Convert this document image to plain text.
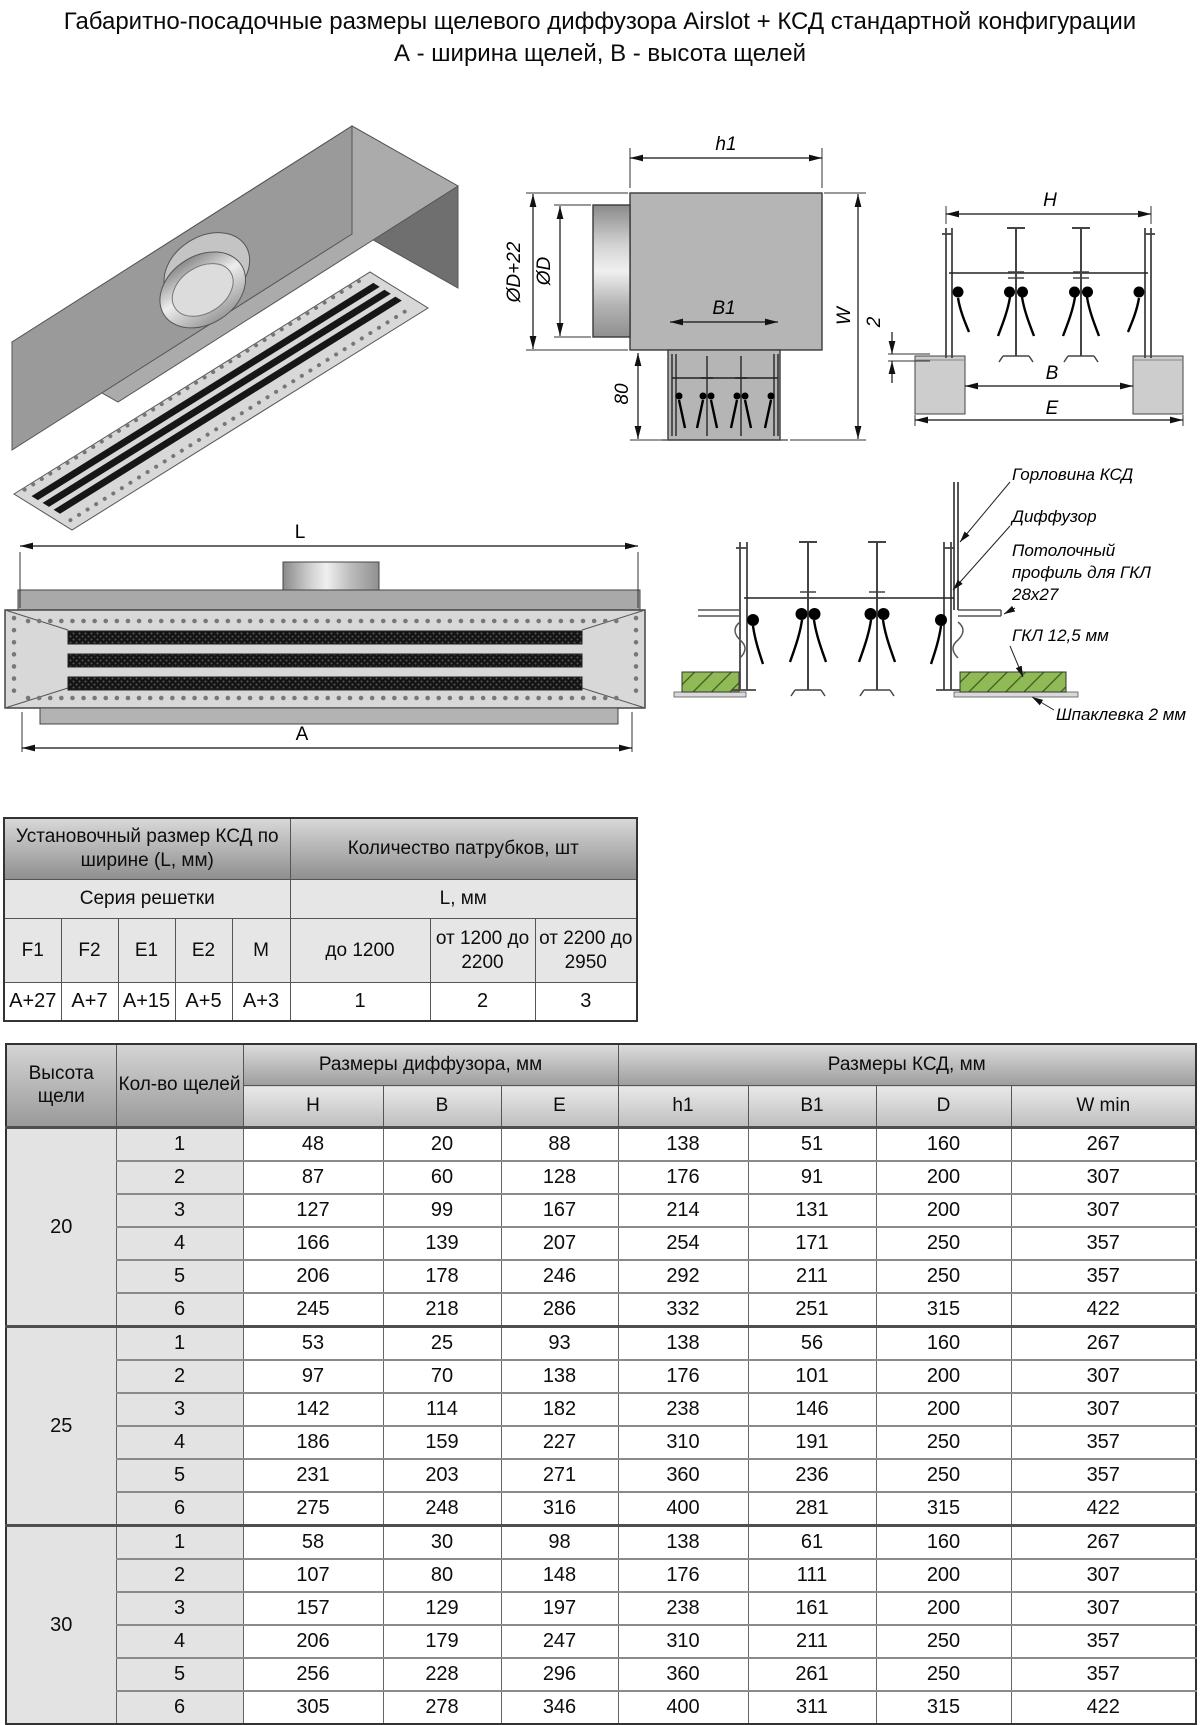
Габаритно-посадочные размеры щелевого диффузора Airslot + КСД стандартной конфигурации
А - ширина щелей, В - высота щелей
h1
ØD+22 ØD
B1
80
W
H
2
B
E
L
A
Горловина КСД
Диффузор
Потолочный профиль для ГКЛ 28х27
ГКЛ 12,5 мм
Шпаклевка 2 мм
Установочный размер КСД по ширине (L, мм)					Количество патрубков, шт		
Серия решетки					L, мм		
F1	F2	E1	E2	M	до 1200	от 1200 до 2200	от 2200 до 2950
A+27	A+7	A+15	A+5	A+3	1	2	3
Высота щели	Кол-во щелей	Размеры диффузора, мм			Размеры КСД, мм			
		H	B	E	h1	B1	D	W min
20	1	48	20	88	138	51	160	267
	2	87	60	128	176	91	200	307
	3	127	99	167	214	131	200	307
	4	166	139	207	254	171	250	357
	5	206	178	246	292	211	250	357
	6	245	218	286	332	251	315	422
25	1	53	25	93	138	56	160	267
	2	97	70	138	176	101	200	307
	3	142	114	182	238	146	200	307
	4	186	159	227	310	191	250	357
	5	231	203	271	360	236	250	357
	6	275	248	316	400	281	315	422
30	1	58	30	98	138	61	160	267
	2	107	80	148	176	111	200	307
	3	157	129	197	238	161	200	307
	4	206	179	247	310	211	250	357
	5	256	228	296	360	261	250	357
	6	305	278	346	400	311	315	422
